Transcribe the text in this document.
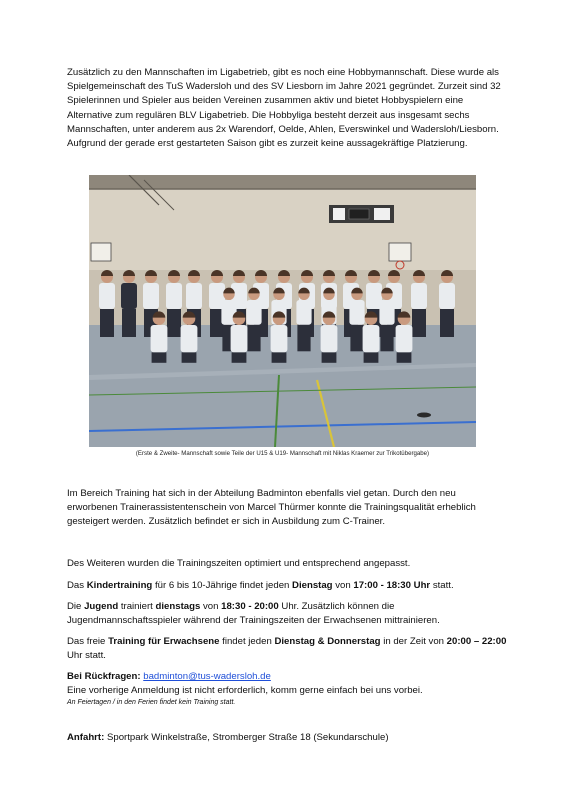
Zusätzlich zu den Mannschaften im Ligabetrieb, gibt es noch eine Hobbymannschaft. Diese wurde als Spielgemeinschaft des TuS Wadersloh und des SV Liesborn im Jahre 2021 gegründet. Zurzeit sind 32 Spielerinnen und Spieler aus beiden Vereinen zusammen aktiv und bietet Hobbyspielern eine Alternative zum regulären BLV Ligabetrieb. Die Hobbyliga besteht derzeit aus insgesamt sechs Mannschaften, unter anderem aus 2x Warendorf, Oelde, Ahlen, Everswinkel und Wadersloh/Liesborn. Aufgrund der gerade erst gestarteten Saison gibt es zurzeit keine aussagekräftige Platzierung.

(Erste & Zweite- Mannschaft sowie Teile der U15 & U19- Mannschaft mit Niklas Kraemer zur Trikotübergabe)

Im Bereich Training hat sich in der Abteilung Badminton ebenfalls viel getan. Durch den neu erworbenen Trainerassistentenschein von Marcel Thürmer konnte die Trainingsqualität erheblich gesteigert werden. Zusätzlich befindet er sich in Ausbildung zum C-Trainer.

Des Weiteren wurden die Trainingszeiten optimiert und entsprechend angepasst.

Das Kindertraining für 6 bis 10-Jährige findet jeden Dienstag von 17:00 - 18:30 Uhr statt.

Die Jugend trainiert dienstags von 18:30 - 20:00 Uhr. Zusätzlich können die Jugendmannschaftsspieler während der Trainingszeiten der Erwachsenen mittrainieren.

Das freie Training für Erwachsene findet jeden Dienstag & Donnerstag in der Zeit von 20:00 – 22:00 Uhr statt.

Bei Rückfragen: badminton@tus-wadersloh.de

Eine vorherige Anmeldung ist nicht erforderlich, komm gerne einfach bei uns vorbei.

An Feiertagen / in den Ferien findet kein Training statt.

Anfahrt: Sportpark Winkelstraße, Stromberger Straße 18 (Sekundarschule)
